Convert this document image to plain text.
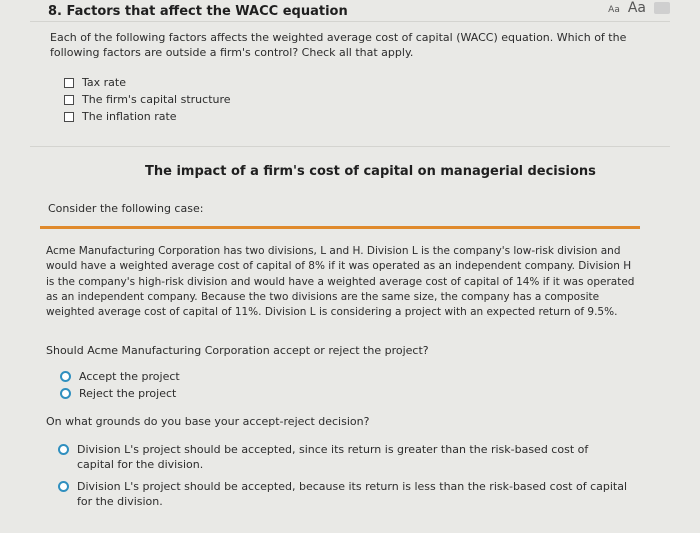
8. Factors that affect the WACC equation	Aa Aa
Each of the following factors affects the weighted average cost of capital (WACC) equation. Which of the following factors are outside a firm's control? Check all that apply.
Tax rate
The firm's capital structure
The inflation rate
The impact of a firm's cost of capital on managerial decisions
Consider the following case:
Acme Manufacturing Corporation has two divisions, L and H. Division L is the company's low-risk division and would have a weighted average cost of capital of 8% if it was operated as an independent company. Division H is the company's high-risk division and would have a weighted average cost of capital of 14% if it was operated as an independent company. Because the two divisions are the same size, the company has a composite weighted average cost of capital of 11%. Division L is considering a project with an expected return of 9.5%.
Should Acme Manufacturing Corporation accept or reject the project?
Accept the project
Reject the project
On what grounds do you base your accept-reject decision?
Division L's project should be accepted, since its return is greater than the risk-based cost of capital for the division.
Division L's project should be accepted, because its return is less than the risk-based cost of capital for the division.
